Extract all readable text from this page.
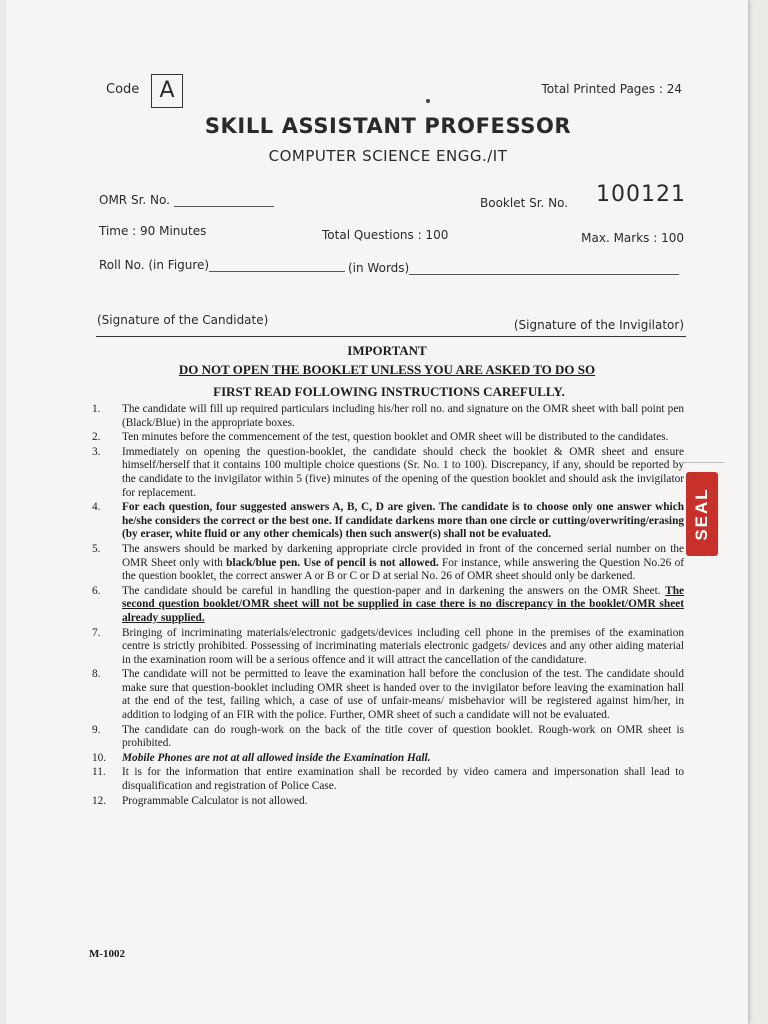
Code A	Total Printed Pages : 24
SKILL ASSISTANT PROFESSOR
COMPUTER SCIENCE ENGG./IT
OMR Sr. No.	Booklet Sr. No. 100121
Time : 90 Minutes	Total Questions : 100	Max. Marks : 100
Roll No. (in Figure)	(in Words)
(Signature of the Candidate)	(Signature of the Invigilator)
IMPORTANT
DO NOT OPEN THE BOOKLET UNLESS YOU ARE ASKED TO DO SO
FIRST READ FOLLOWING INSTRUCTIONS CAREFULLY.
1. The candidate will fill up required particulars including his/her roll no. and signature on the OMR sheet with ball point pen (Black/Blue) in the appropriate boxes.
2. Ten minutes before the commencement of the test, question booklet and OMR sheet will be distributed to the candidates.
3. Immediately on opening the question-booklet, the candidate should check the booklet & OMR sheet and ensure himself/herself that it contains 100 multiple choice questions (Sr. No. 1 to 100). Discrepancy, if any, should be reported by the candidate to the invigilator within 5 (five) minutes of the opening of the question booklet and should ask the invigilator for replacement.
4. For each question, four suggested answers A, B, C, D are given. The candidate is to choose only one answer which he/she considers the correct or the best one. If candidate darkens more than one circle or cutting/overwriting/erasing (by eraser, white fluid or any other chemicals) then such answer(s) shall not be evaluated.
5. The answers should be marked by darkening appropriate circle provided in front of the concerned serial number on the OMR Sheet only with black/blue pen. Use of pencil is not allowed. For instance, while answering the Question No.26 of the question booklet, the correct answer A or B or C or D at serial No. 26 of OMR sheet should only be darkened.
6. The candidate should be careful in handling the question-paper and in darkening the answers on the OMR Sheet. The second question booklet/OMR sheet will not be supplied in case there is no discrepancy in the booklet/OMR sheet already supplied.
7. Bringing of incriminating materials/electronic gadgets/devices including cell phone in the premises of the examination centre is strictly prohibited. Possessing of incriminating materials electronic gadgets/ devices and any other aiding material in the examination room will be a serious offence and it will attract the cancellation of the candidature.
8. The candidate will not be permitted to leave the examination hall before the conclusion of the test. The candidate should make sure that question-booklet including OMR sheet is handed over to the invigilator before leaving the examination hall at the end of the test, failing which, a case of use of unfair-means/ misbehavior will be registered against him/her, in addition to lodging of an FIR with the police. Further, OMR sheet of such a candidate will not be evaluated.
9. The candidate can do rough-work on the back of the title cover of question booklet. Rough-work on OMR sheet is prohibited.
10. Mobile Phones are not at all allowed inside the Examination Hall.
11. It is for the information that entire examination shall be recorded by video camera and impersonation shall lead to disqualification and registration of Police Case.
12. Programmable Calculator is not allowed.
M-1002
SEAL
